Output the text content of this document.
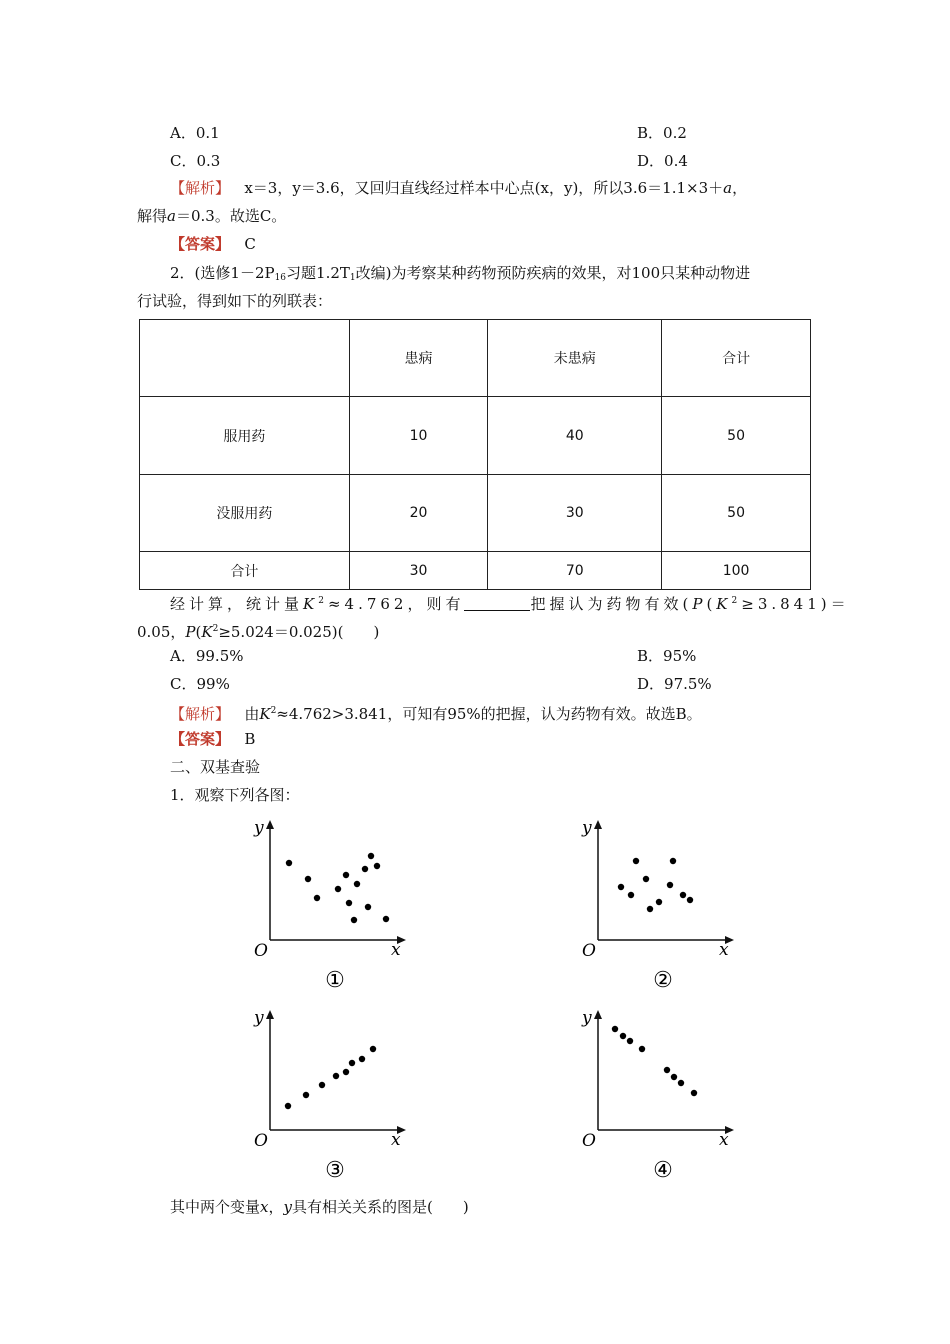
A．0.1	B．0.2
C．0.3	D．0.4
【解析】 x＝3，y＝3.6，又回归直线经过样本中心点(x，y)，所以3.6＝1.1×3＋a，
解得a＝0.3。故选C。
【答案】 C
2．(选修$1-2P_{16}$习题$1.2T_1$改编)为考察某种药物预防疾病的效果，对100只某种动物进
行试验，得到如下的列联表：
	患病	未患病	合计
服用药	10	40	50
没服用药	20	30	50
合计	30	70	100
经计算，统计量$K^2\approx 4.762$，则有	把握认为药物有效($P(K^2\ge 3.841)=$
0.05，$P(K^2\ge 5.024=0.025)$(　　)
A．99.5%	B．95%
C．99%	D．97.5%
【解析】 由$K^2\approx 4.762>3.841$，可知有95%的把握，认为药物有效。故选B。
【答案】 B
二、双基查验
1．观察下列各图：
y
x
O
①
y
x
O
②
y
x
O
③
y
x
O
④
其中两个变量x，y具有相关关系的图是(　　)
